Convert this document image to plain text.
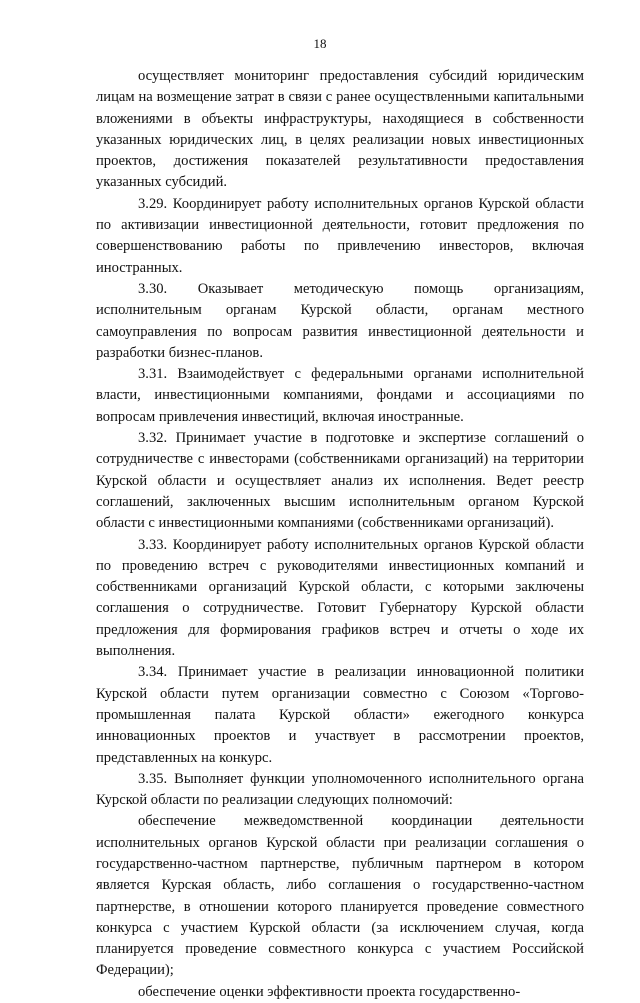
18

осуществляет мониторинг предоставления субсидий юридическим лицам на возмещение затрат в связи с ранее осуществленными капитальными вложениями в объекты инфраструктуры, находящиеся в собственности указанных юридических лиц, в целях реализации новых инвестиционных проектов, достижения показателей результативности предоставления указанных субсидий.

3.29. Координирует работу исполнительных органов Курской области по активизации инвестиционной деятельности, готовит предложения по совершенствованию работы по привлечению инвесторов, включая иностранных.

3.30. Оказывает методическую помощь организациям, исполнительным органам Курской области, органам местного самоуправления по вопросам развития инвестиционной деятельности и разработки бизнес-планов.

3.31. Взаимодействует с федеральными органами исполнительной власти, инвестиционными компаниями, фондами и ассоциациями по вопросам привлечения инвестиций, включая иностранные.

3.32. Принимает участие в подготовке и экспертизе соглашений о сотрудничестве с инвесторами (собственниками организаций) на территории Курской области и осуществляет анализ их исполнения. Ведет реестр соглашений, заключенных высшим исполнительным органом Курской области с инвестиционными компаниями (собственниками организаций).

3.33. Координирует работу исполнительных органов Курской области по проведению встреч с руководителями инвестиционных компаний и собственниками организаций Курской области, с которыми заключены соглашения о сотрудничестве. Готовит Губернатору Курской области предложения для формирования графиков встреч и отчеты о ходе их выполнения.

3.34. Принимает участие в реализации инновационной политики Курской области путем организации совместно с Союзом «Торгово-промышленная палата Курской области» ежегодного конкурса инновационных проектов и участвует в рассмотрении проектов, представленных на конкурс.

3.35. Выполняет функции уполномоченного исполнительного органа Курской области по реализации следующих полномочий:

обеспечение межведомственной координации деятельности исполнительных органов Курской области при реализации соглашения о государственно-частном партнерстве, публичным партнером в котором является Курская область, либо соглашения о государственно-частном партнерстве, в отношении которого планируется проведение совместного конкурса с участием Курской области (за исключением случая, когда планируется проведение совместного конкурса с участием Российской Федерации);

обеспечение оценки эффективности проекта государственно-
